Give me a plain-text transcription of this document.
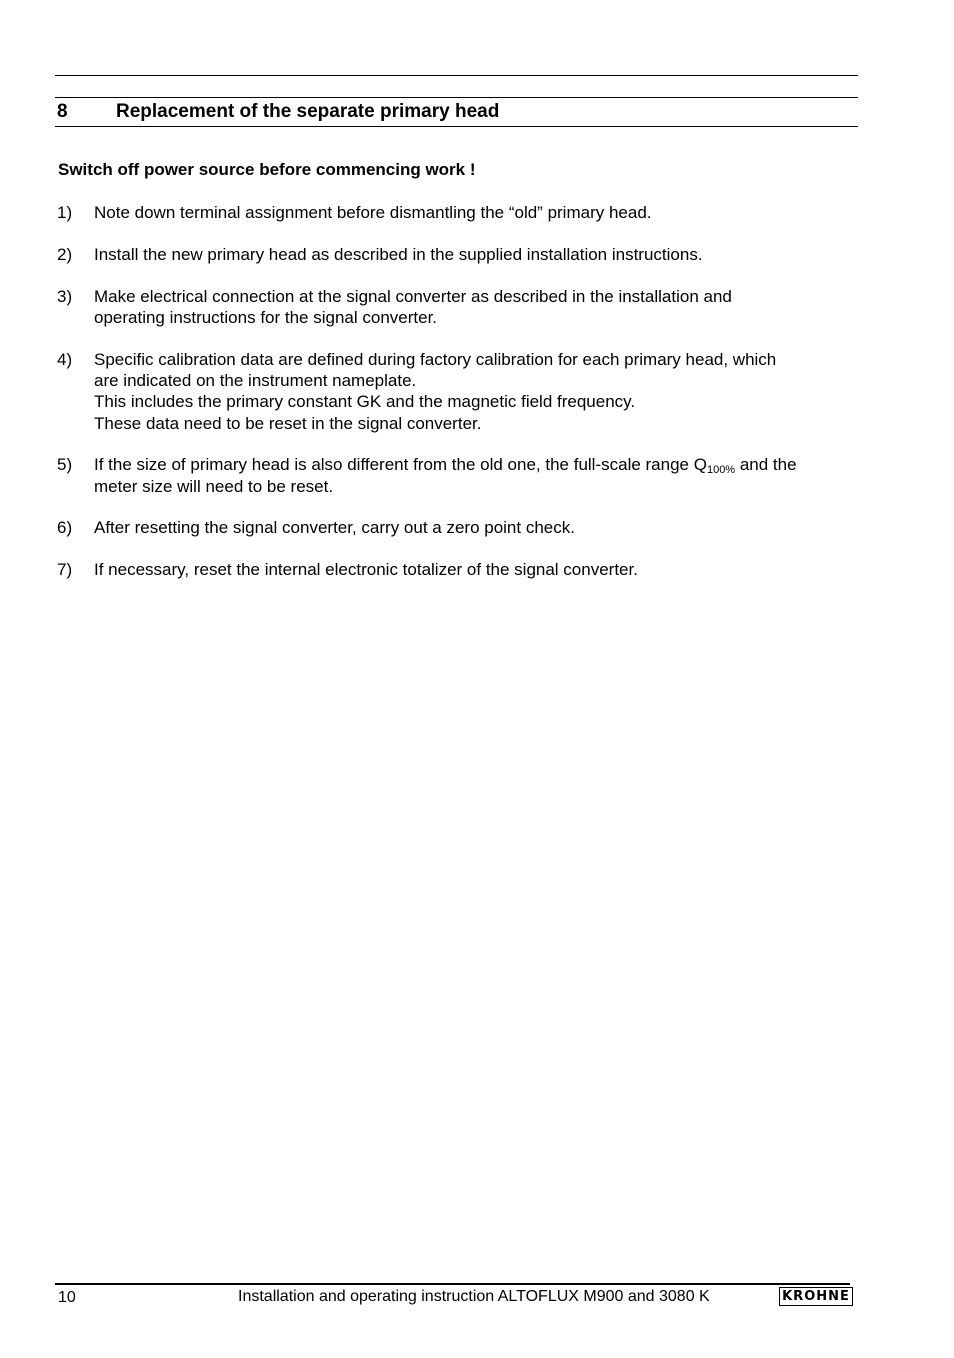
8	Replacement of the separate primary head
Switch off power source before commencing work !
1) Note down terminal assignment before dismantling the “old” primary head.
2) Install the new primary head as described in the supplied installation instructions.
3) Make electrical connection at the signal converter as described in the installation and
operating instructions for the signal converter.
4) Specific calibration data are defined during factory calibration for each primary head, which
are indicated on the instrument nameplate.
This includes the primary constant GK and the magnetic field frequency.
These data need to be reset in the signal converter.
5) If the size of primary head is also different from the old one, the full-scale range $Q_{100\%}$ and the
meter size will need to be reset.
6) After resetting the signal converter, carry out a zero point check.
7) If necessary, reset the internal electronic totalizer of the signal converter.
10	Installation and operating instruction ALTOFLUX M900 and 3080 K	KROHNE
